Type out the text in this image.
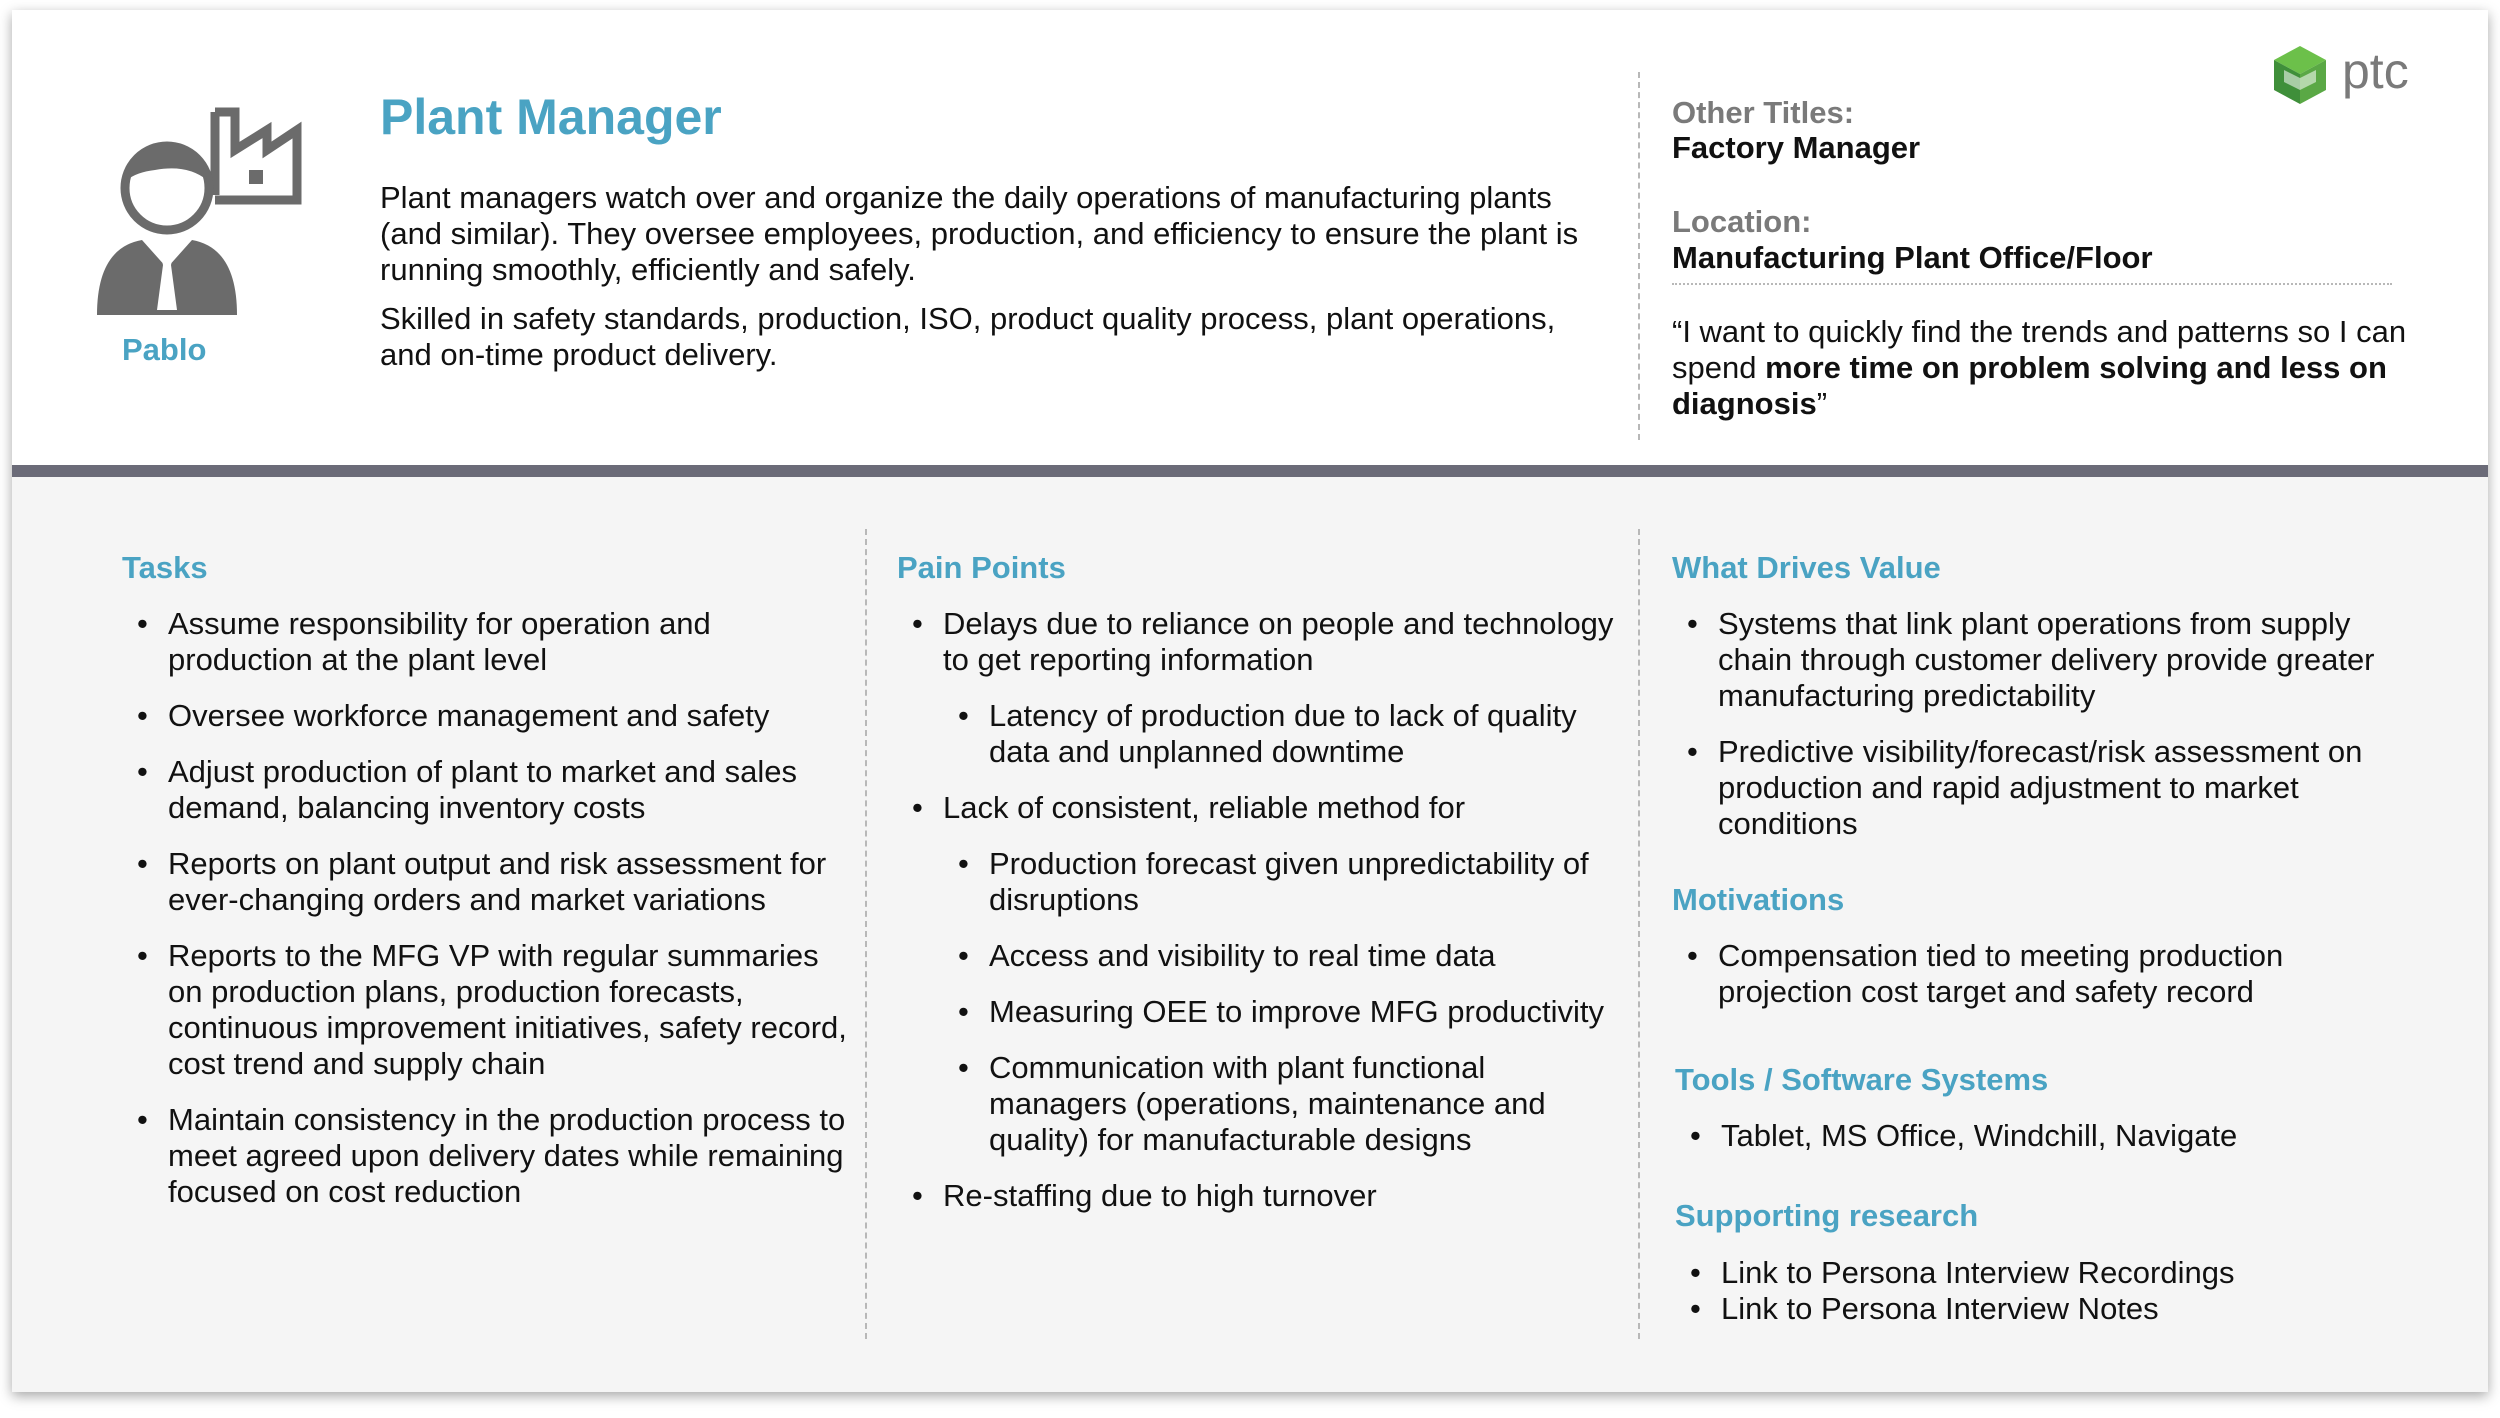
Pablo
Plant Manager

Plant managers watch over and organize the daily operations of manufacturing plants (and similar). They oversee employees, production, and efficiency to ensure the plant is running smoothly, efficiently and safely.

Skilled in safety standards, production, ISO, product quality process, plant operations, and on-time product delivery.

Other Titles:
Factory Manager
Location:
Manufacturing Plant Office/Floor
“I want to quickly find the trends and patterns so I can spend more time on problem solving and less on diagnosis”
ptc
Tasks
• Assume responsibility for operation and production at the plant level
• Oversee workforce management and safety
• Adjust production of plant to market and sales demand, balancing inventory costs
• Reports on plant output and risk assessment for ever-changing orders and market variations
• Reports to the MFG VP with regular summaries on production plans, production forecasts, continuous improvement initiatives, safety record, cost trend and supply chain
• Maintain consistency in the production process to meet agreed upon delivery dates while remaining focused on cost reduction
Pain Points
• Delays due to reliance on people and technology to get reporting information
• Latency of production due to lack of quality data and unplanned downtime
• Lack of consistent, reliable method for
• Production forecast given unpredictability of disruptions
• Access and visibility to real time data
• Measuring OEE to improve MFG productivity
• Communication with plant functional managers (operations, maintenance and quality) for manufacturable designs
• Re-staffing due to high turnover
What Drives Value
• Systems that link plant operations from supply chain through customer delivery provide greater manufacturing predictability
• Predictive visibility/forecast/risk assessment on production and rapid adjustment to market conditions
Motivations
• Compensation tied to meeting production projection cost target and safety record
Tools / Software Systems
• Tablet, MS Office, Windchill, Navigate
Supporting research
• Link to Persona Interview Recordings
• Link to Persona Interview Notes
